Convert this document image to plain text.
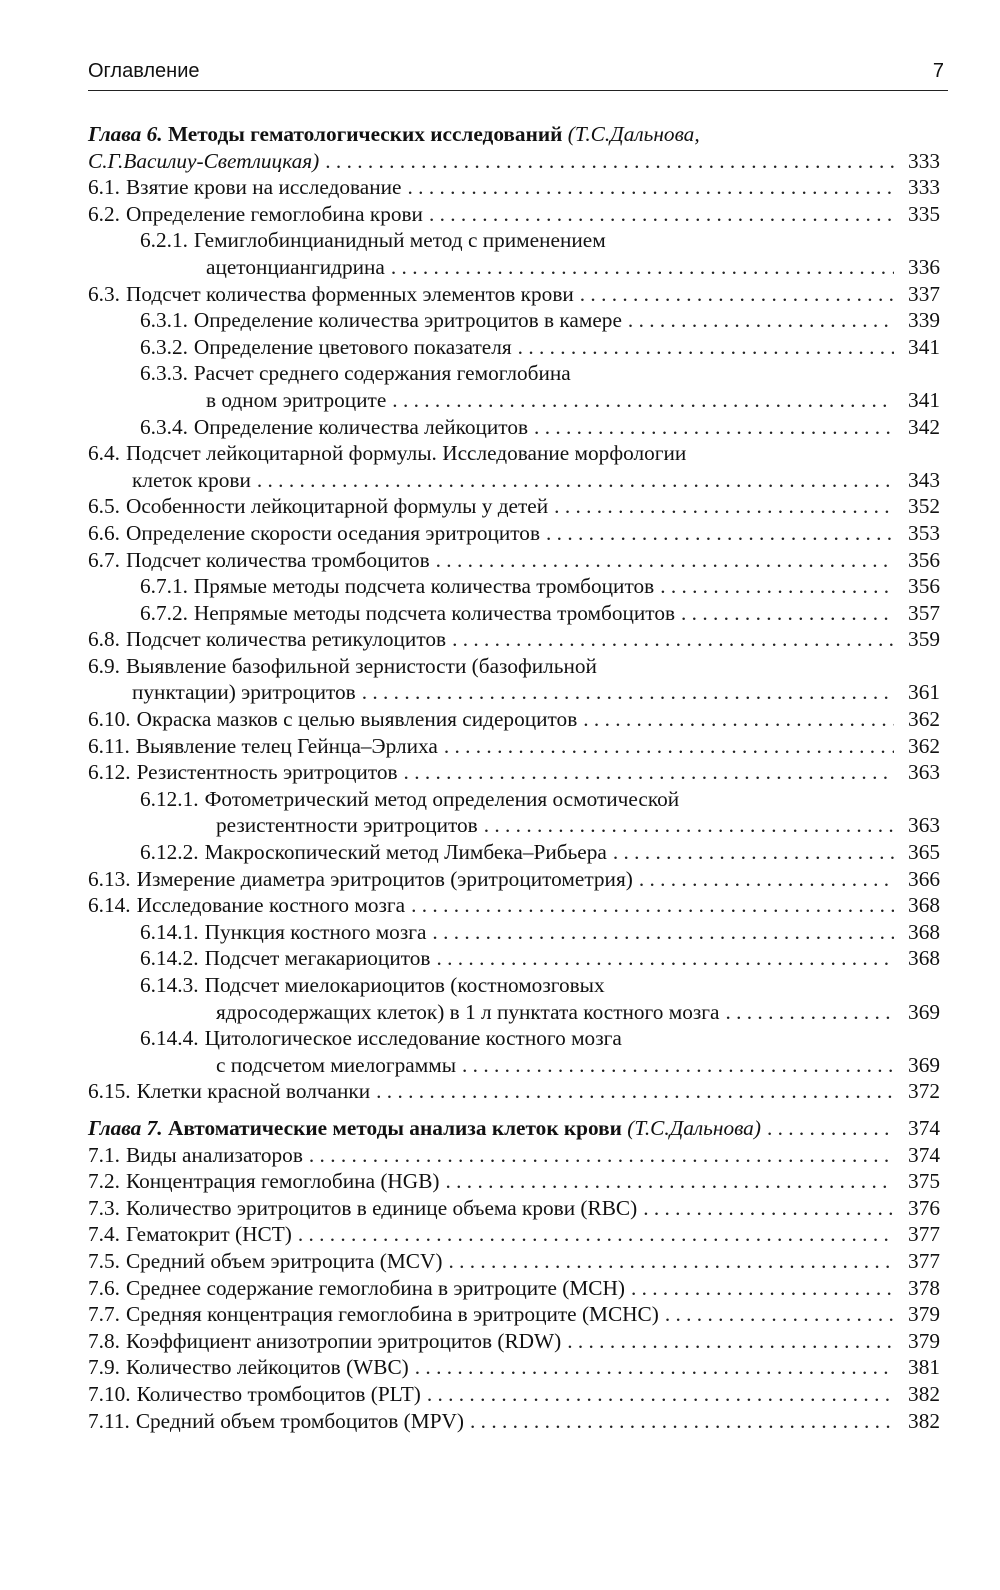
Оглавление	7
Глава 6. Методы гематологических исследований (Т.С.Дальнова,
С.Г.Василиу-Светлицкая) . . .	333
6.1. Взятие крови на исследование . . .	333
6.2. Определение гемоглобина крови . . .	335
6.2.1. Гемиглобинцианидный метод с применением
ацетонциангидрина . . .	336
6.3. Подсчет количества форменных элементов крови . . .	337
6.3.1. Определение количества эритроцитов в камере . . .	339
6.3.2. Определение цветового показателя . . .	341
6.3.3. Расчет среднего содержания гемоглобина
в одном эритроците . . .	341
6.3.4. Определение количества лейкоцитов . . .	342
6.4. Подсчет лейкоцитарной формулы. Исследование морфологии
клеток крови . . .	343
6.5. Особенности лейкоцитарной формулы у детей . . .	352
6.6. Определение скорости оседания эритроцитов . . .	353
6.7. Подсчет количества тромбоцитов . . .	356
6.7.1. Прямые методы подсчета количества тромбоцитов . . .	356
6.7.2. Непрямые методы подсчета количества тромбоцитов . . .	357
6.8. Подсчет количества ретикулоцитов . . .	359
6.9. Выявление базофильной зернистости (базофильной
пунктации) эритроцитов . . .	361
6.10. Окраска мазков с целью выявления сидероцитов . . .	362
6.11. Выявление телец Гейнца–Эрлиха . . .	362
6.12. Резистентность эритроцитов . . .	363
6.12.1. Фотометрический метод определения осмотической
резистентности эритроцитов . . .	363
6.12.2. Макроскопический метод Лимбека–Рибьера . . .	365
6.13. Измерение диаметра эритроцитов (эритроцитометрия) . . .	366
6.14. Исследование костного мозга . . .	368
6.14.1. Пункция костного мозга . . .	368
6.14.2. Подсчет мегакариоцитов . . .	368
6.14.3. Подсчет миелокариоцитов (костномозговых
ядросодержащих клеток) в 1 л пунктата костного мозга . . .	369
6.14.4. Цитологическое исследование костного мозга
с подсчетом миелограммы . . .	369
6.15. Клетки красной волчанки . . .	372
Глава 7. Автоматические методы анализа клеток крови (Т.С.Дальнова) . . .	374
7.1. Виды анализаторов . . .	374
7.2. Концентрация гемоглобина (HGB) . . .	375
7.3. Количество эритроцитов в единице объема крови (RBC) . . .	376
7.4. Гематокрит (HCT) . . .	377
7.5. Средний объем эритроцита (MCV) . . .	377
7.6. Среднее содержание гемоглобина в эритроците (MCH) . . .	378
7.7. Средняя концентрация гемоглобина в эритроците (MCHC) . . .	379
7.8. Коэффициент анизотропии эритроцитов (RDW) . . .	379
7.9. Количество лейкоцитов (WBC) . . .	381
7.10. Количество тромбоцитов (PLT) . . .	382
7.11. Средний объем тромбоцитов (MPV) . . .	382
